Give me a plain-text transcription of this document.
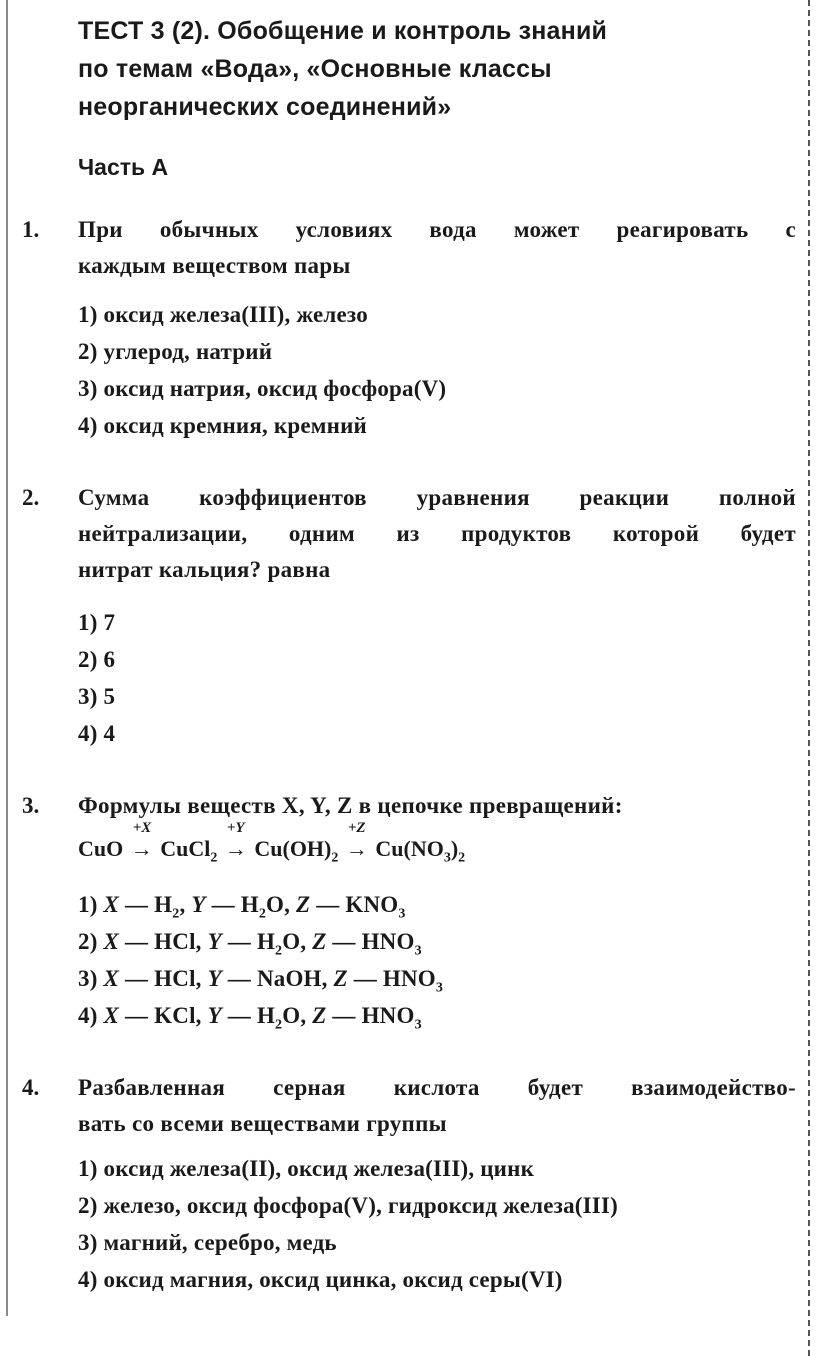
ТЕСТ 3 (2). Обобщение и контроль знаний
по темам «Вода», «Основные классы
неорганических соединений»
Часть А
1. При обычных условиях вода может реагировать с
каждым веществом пары
1) оксид железа(III), железо
2) углерод, натрий
3) оксид натрия, оксид фосфора(V)
4) оксид кремния, кремний
2. Сумма коэффициентов уравнения реакции полной
нейтрализации, одним из продуктов которой будет
нитрат кальция? равна
1) 7
2) 6
3) 5
4) 4
3. Формулы веществ X, Y, Z в цепочке превращений:
CuO →
+X
CuCl$_2$ →
+Y
$Cu(OH)_2$ →
+Z
$Cu(NO_3)_2$
1) X — $H_2$, Y — $H_2O$, Z — $KNO_3$
2) X — HCl, Y — $H_2O$, Z — $HNO_3$
3) X — HCl, Y — NaOH, Z — $HNO_3$
4) X — KCl, Y — $H_2O$, Z — $HNO_3$
4. Разбавленная серная кислота будет взаимодейство-
вать со всеми веществами группы
1) оксид железа(II), оксид железа(III), цинк
2) железо, оксид фосфора(V), гидроксид железа(III)
3) магний, серебро, медь
4) оксид магния, оксид цинка, оксид серы(VI)
